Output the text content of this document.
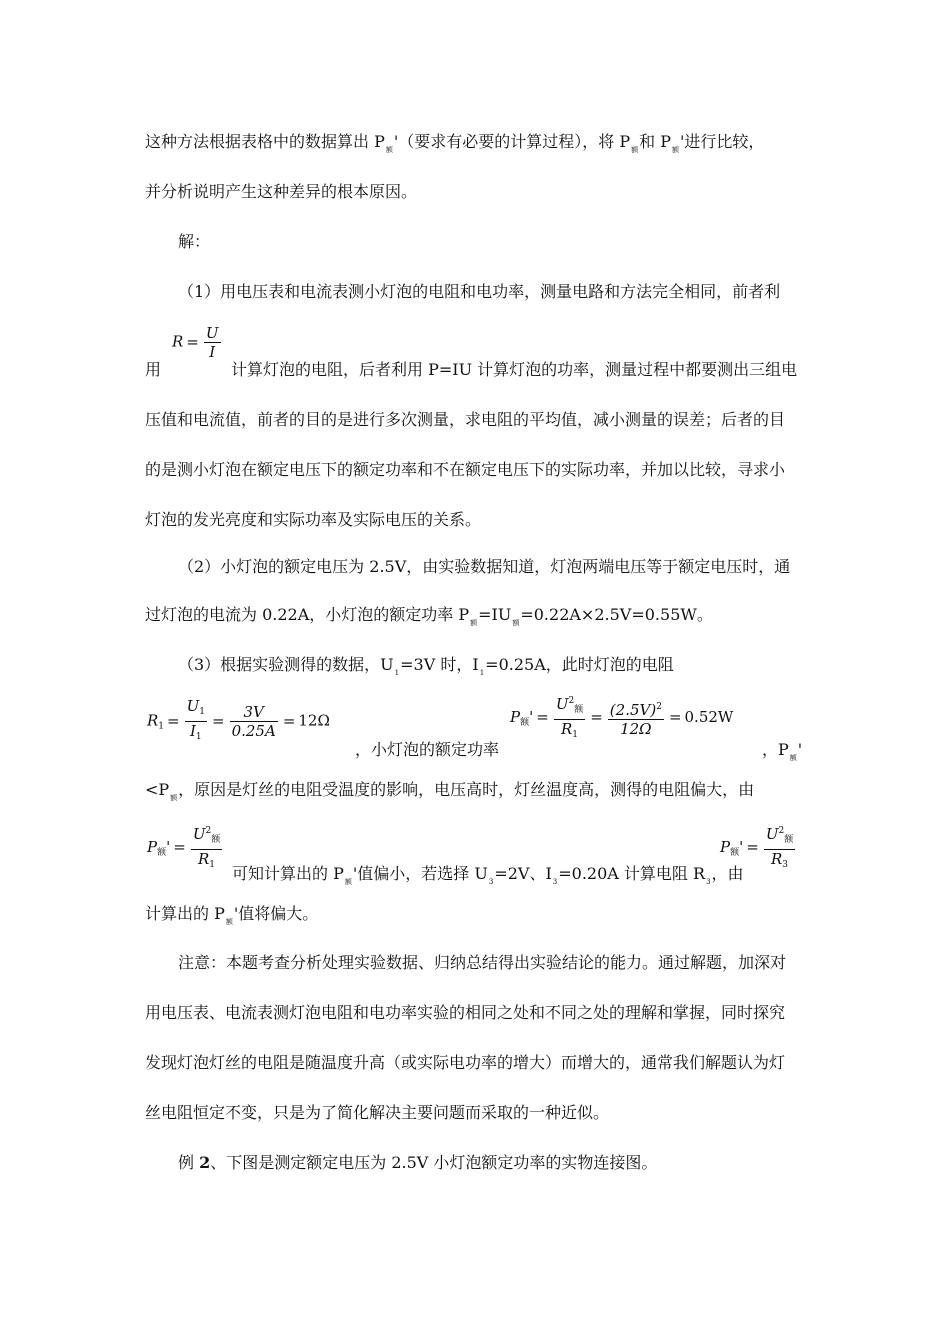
这种方法根据表格中的数据算出 $P_额'$（要求有必要的计算过程），将 $P_额$和 $P_额'$进行比较，
并分析说明产生这种差异的根本原因。
解：
（1）用电压表和电流表测小灯泡的电阻和电功率，测量电路和方法完全相同，前者利
$R = \frac{U}{I}$
用	计算灯泡的电阻，后者利用 P=IU 计算灯泡的功率，测量过程中都要测出三组电
压值和电流值，前者的目的是进行多次测量，求电阻的平均值，减小测量的误差；后者的目
的是测小灯泡在额定电压下的额定功率和不在额定电压下的实际功率，并加以比较，寻求小
灯泡的发光亮度和实际功率及实际电压的关系。
（2）小灯泡的额定电压为 2.5V，由实验数据知道，灯泡两端电压等于额定电压时，通
过灯泡的电流为 0.22A，小灯泡的额定功率 $P_额=IU_额=0.22A\times 2.5V=0.55W$。
（3）根据实验测得的数据，$U_1=3V$ 时，$I_1=0.25A$，此时灯泡的电阻
$R_1 = \frac{U_1}{I_1} = \frac{3V}{0.25A} = 12\Omega$	$P_额' = \frac{U^2_额}{R_1} = \frac{(2.5V)^2}{12\Omega} = 0.52W$
，小灯泡的额定功率	，$P_额'$
$<P_额$，原因是灯丝的电阻受温度的影响，电压高时，灯丝温度高，测得的电阻偏大，由
$P_额' = \frac{U^2_额}{R_1}$	$P_额' = \frac{U^2_额}{R_3}$
可知计算出的 $P_额'$值偏小，若选择 $U_3=2V$、$I_3=0.20A$ 计算电阻 $R_3$，由
计算出的 $P_额'$值将偏大。
注意：本题考查分析处理实验数据、归纳总结得出实验结论的能力。通过解题，加深对
用电压表、电流表测灯泡电阻和电功率实验的相同之处和不同之处的理解和掌握，同时探究
发现灯泡灯丝的电阻是随温度升高（或实际电功率的增大）而增大的，通常我们解题认为灯
丝电阻恒定不变，只是为了简化解决主要问题而采取的一种近似。
例 2、下图是测定额定电压为 2.5V 小灯泡额定功率的实物连接图。
